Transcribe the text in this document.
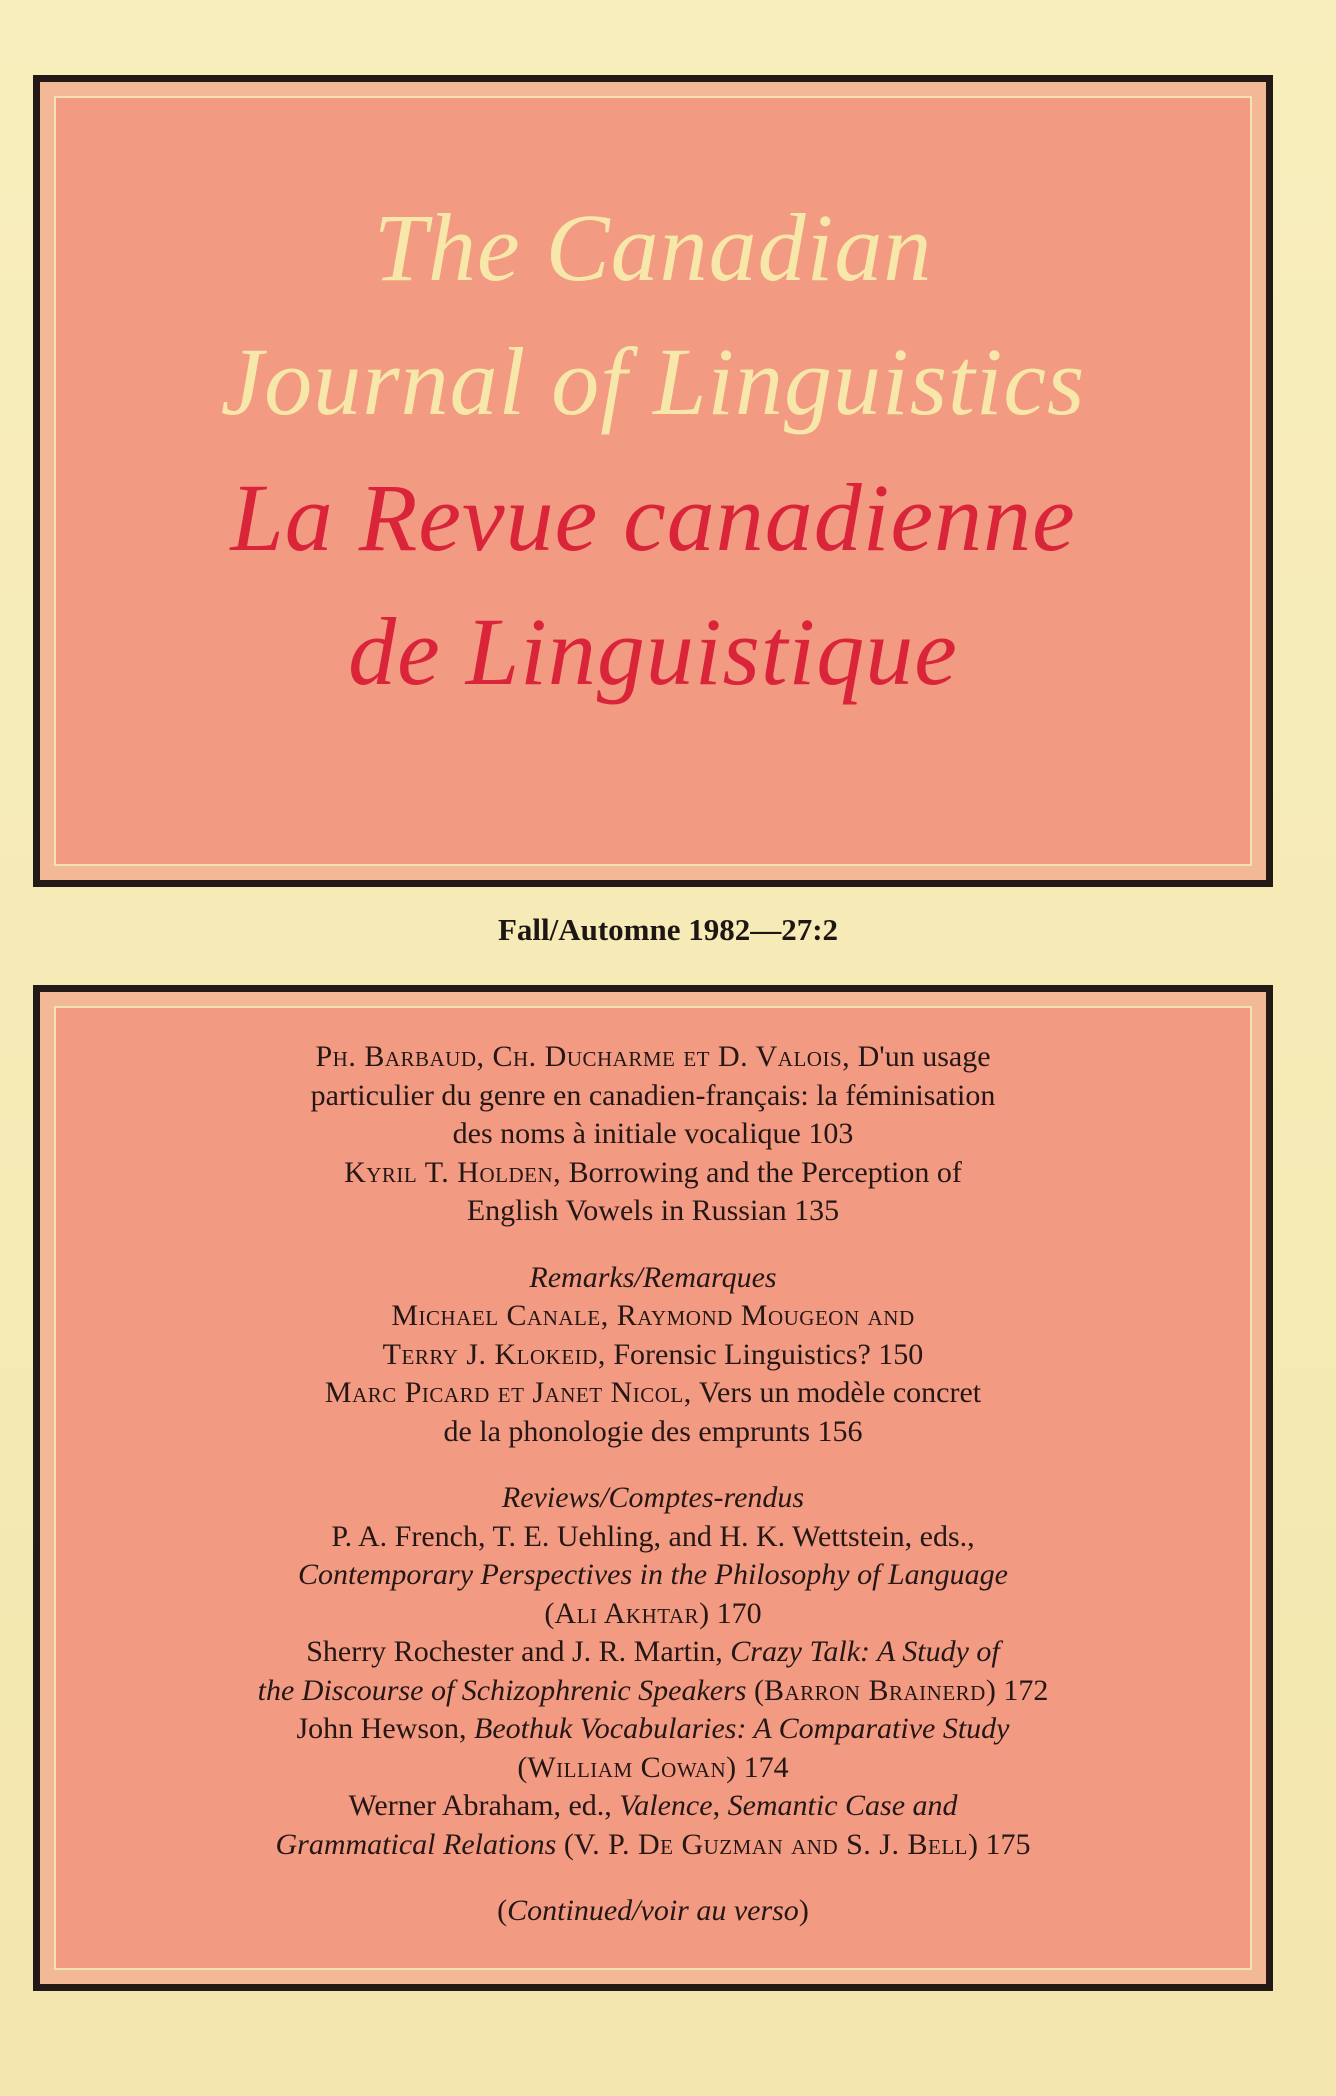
The Canadian
Journal of Linguistics
La Revue canadienne
de Linguistique
Fall/Automne 1982—27:2
Ph. Barbaud, Ch. Ducharme et D. Valois, D'un usage
particulier du genre en canadien-français: la féminisation
des noms à initiale vocalique 103
Kyril T. Holden, Borrowing and the Perception of
English Vowels in Russian 135
Remarks/Remarques
Michael Canale, Raymond Mougeon and
Terry J. Klokeid, Forensic Linguistics? 150
Marc Picard et Janet Nicol, Vers un modèle concret
de la phonologie des emprunts 156
Reviews/Comptes-rendus
P. A. French, T. E. Uehling, and H. K. Wettstein, eds.,
Contemporary Perspectives in the Philosophy of Language
(Ali Akhtar) 170
Sherry Rochester and J. R. Martin, Crazy Talk: A Study of
the Discourse of Schizophrenic Speakers (Barron Brainerd) 172
John Hewson, Beothuk Vocabularies: A Comparative Study
(William Cowan) 174
Werner Abraham, ed., Valence, Semantic Case and
Grammatical Relations (V. P. De Guzman and S. J. Bell) 175
(Continued/voir au verso)
